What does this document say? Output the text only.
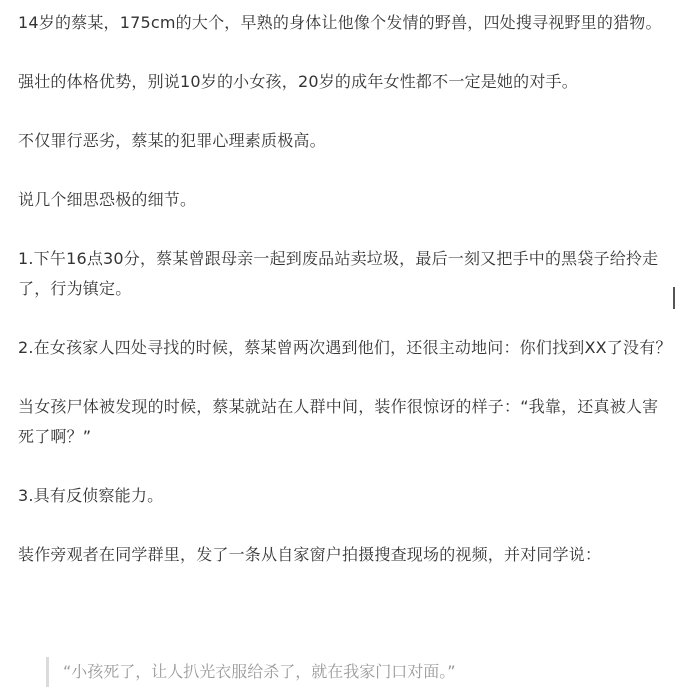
14岁的蔡某，175cm的大个，早熟的身体让他像个发情的野兽，四处搜寻视野里的猎物。

强壮的体格优势，别说10岁的小女孩，20岁的成年女性都不一定是她的对手。

不仅罪行恶劣，蔡某的犯罪心理素质极高。

说几个细思恐极的细节。

1.下午16点30分，蔡某曾跟母亲一起到废品站卖垃圾，最后一刻又把手中的黑袋子给拎走了，行为镇定。

2.在女孩家人四处寻找的时候，蔡某曾两次遇到他们，还很主动地问：你们找到XX了没有？

当女孩尸体被发现的时候，蔡某就站在人群中间，装作很惊讶的样子：“我靠，还真被人害死了啊？”

3.具有反侦察能力。

装作旁观者在同学群里，发了一条从自家窗户拍摄搜查现场的视频，并对同学说：

“小孩死了，让人扒光衣服给杀了，就在我家门口对面。”
